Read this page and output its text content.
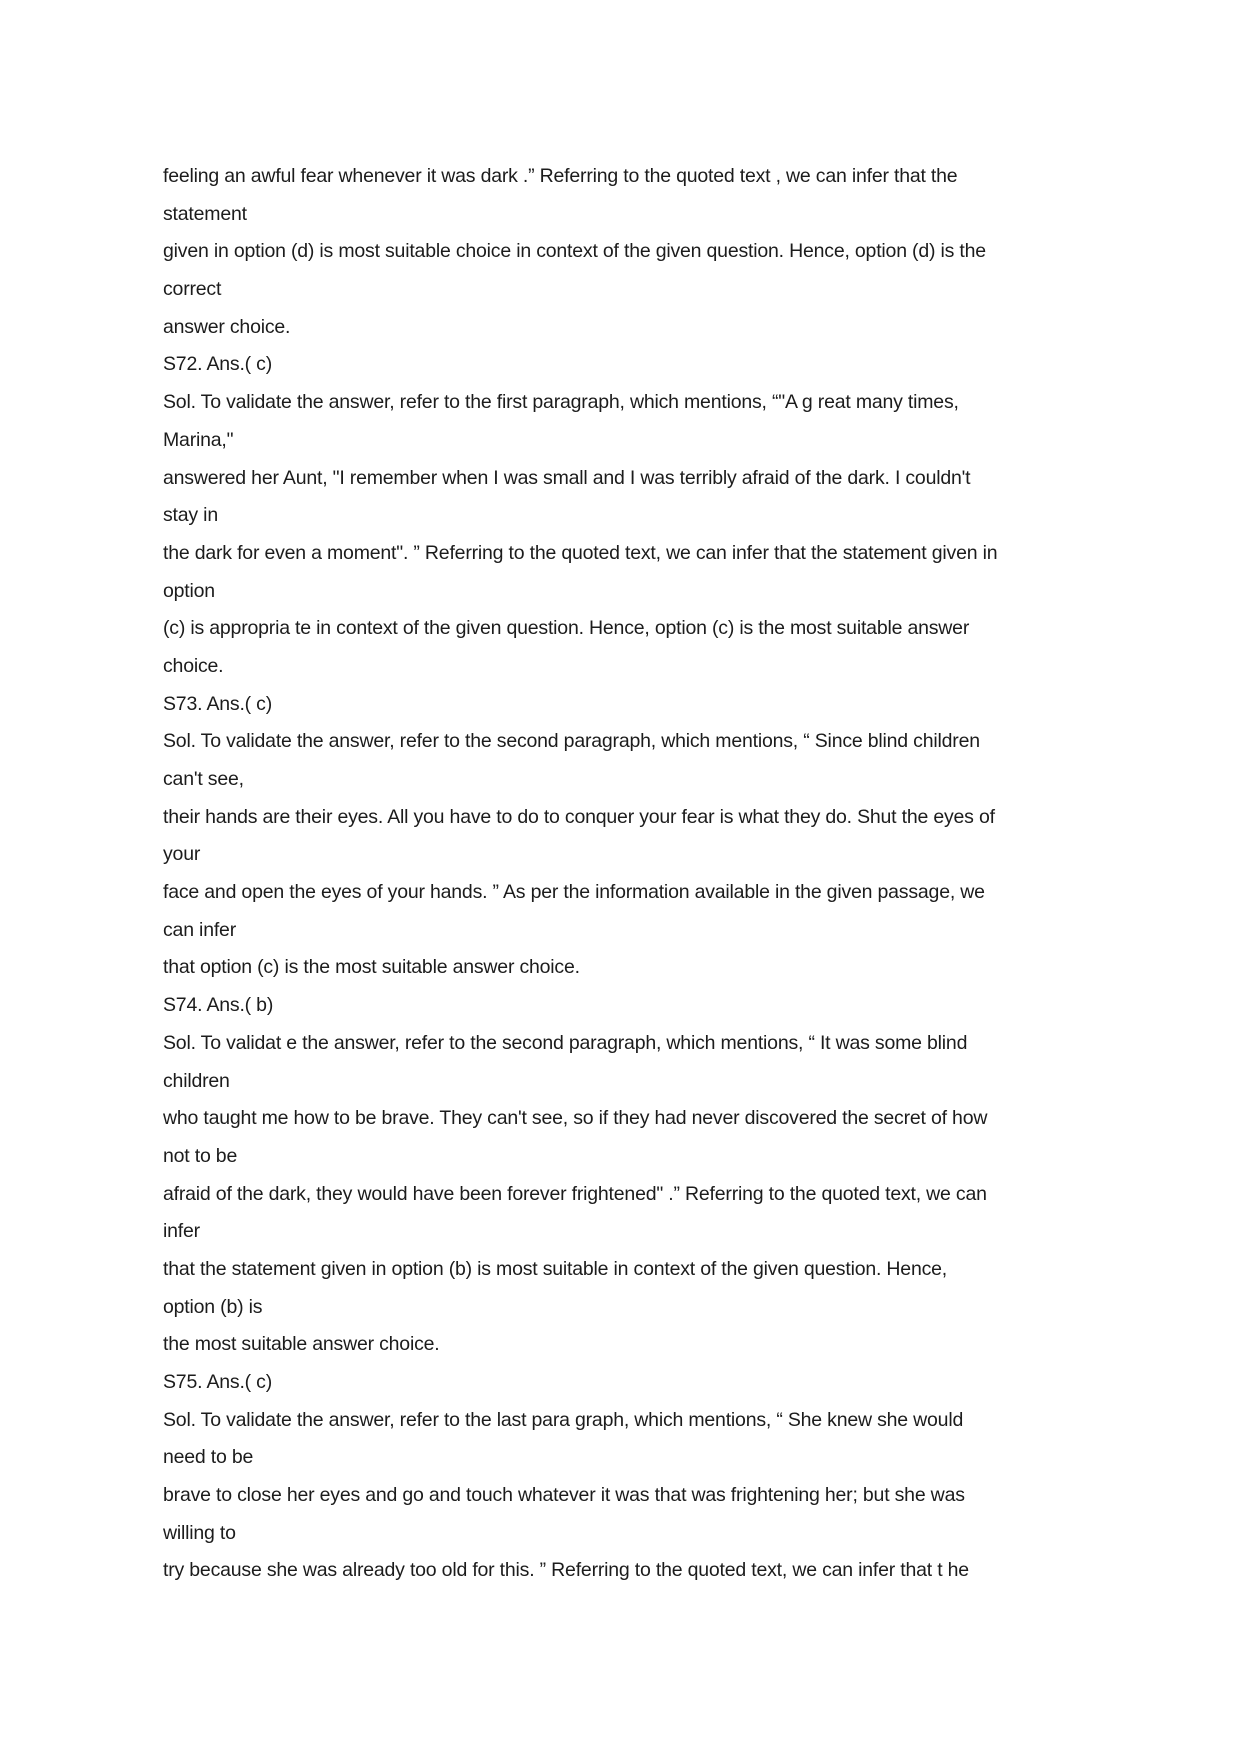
feeling an awful fear whenever it was dark .” Referring to the quoted text , we can infer that the
statement
given in option (d) is most suitable choice in context of the given question. Hence, option (d) is the
correct
answer choice.
S72. Ans.( c)
Sol. To validate the answer, refer to the first paragraph, which mentions, “"A g reat many times,
Marina,"
answered her Aunt, "I remember when I was small and I was terribly afraid of the dark. I couldn't
stay in
the dark for even a moment". ” Referring to the quoted text, we can infer that the statement given in
option
(c) is appropria te in context of the given question. Hence, option (c) is the most suitable answer
choice.
S73. Ans.( c)
Sol. To validate the answer, refer to the second paragraph, which mentions, “ Since blind children
can't see,
their hands are their eyes. All you have to do to conquer your fear is what they do. Shut the eyes of
your
face and open the eyes of your hands. ” As per the information available in the given passage, we
can infer
that option (c) is the most suitable answer choice.
S74. Ans.( b)
Sol. To validat e the answer, refer to the second paragraph, which mentions, “ It was some blind
children
who taught me how to be brave. They can't see, so if they had never discovered the secret of how
not to be
afraid of the dark, they would have been forever frightened" .” Referring to the quoted text, we can
infer
that the statement given in option (b) is most suitable in context of the given question. Hence,
option (b) is
the most suitable answer choice.
S75. Ans.( c)
Sol. To validate the answer, refer to the last para graph, which mentions, “ She knew she would
need to be
brave to close her eyes and go and touch whatever it was that was frightening her; but she was
willing to
try because she was already too old for this. ” Referring to the quoted text, we can infer that t he
